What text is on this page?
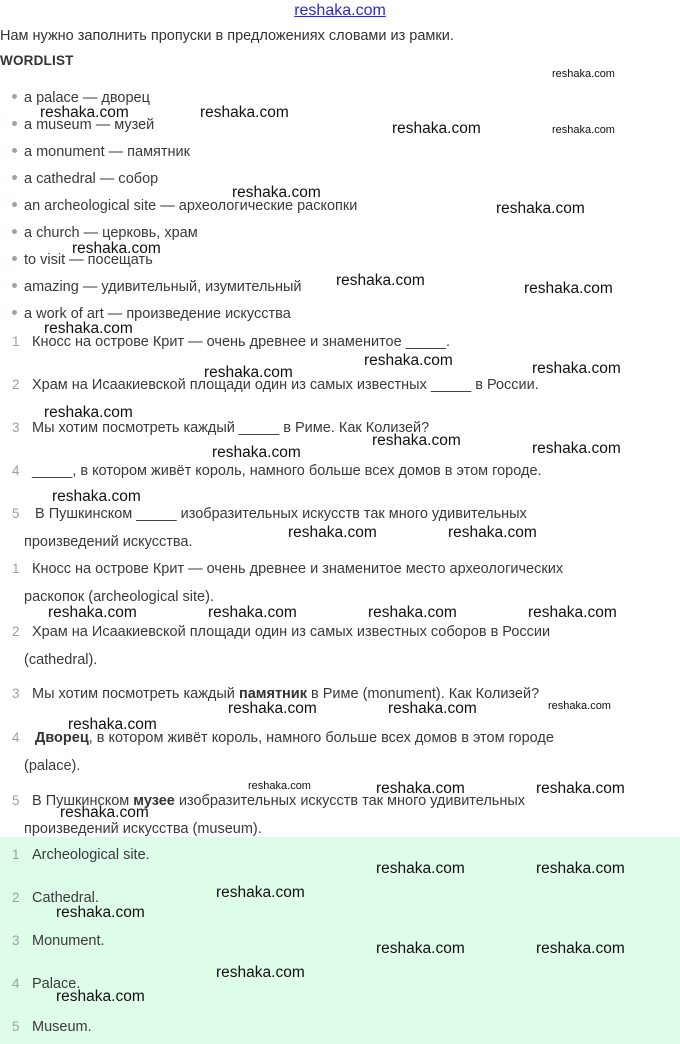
reshaka.com
Нам нужно заполнить пропуски в предложениях словами из рамки.
WORDLIST
a palace — дворец
a museum — музей
a monument — памятник
a cathedral — собор
an archeological site — археологические раскопки
a church — церковь, храм
to visit — посещать
amazing — удивительный, изумительный
a work of art — произведение искусства
1 Кносс на острове Крит — очень древнее и знаменитое _____.
2 Храм на Исаакиевской площади один из самых известных _____ в России.
3 Мы хотим посмотреть каждый _____ в Риме. Как Колизей?
4 _____, в котором живёт король, намного больше всех домов в этом городе.
5 В Пушкинском _____ изобразительных искусств так много удивительных
произведений искусства.
1 Кносс на острове Крит — очень древнее и знаменитое место археологических
раскопок (archeological site).
2 Храм на Исаакиевской площади один из самых известных соборов в России
(cathedral).
3 Мы хотим посмотреть каждый памятник в Риме (monument). Как Колизей?
4 Дворец, в котором живёт король, намного больше всех домов в этом городе
(palace).
5 В Пушкинском музее изобразительных искусств так много удивительных
произведений искусства (museum).
1 Archeological site.
2 Cathedral.
3 Monument.
4 Palace.
5 Museum.
reshaka.com
reshaka.com	reshaka.com
reshaka.com	reshaka.com
reshaka.com
reshaka.com
reshaka.com
reshaka.com	reshaka.com
reshaka.com
reshaka.com
reshaka.com	reshaka.com
reshaka.com
reshaka.com
reshaka.com	reshaka.com
reshaka.com
reshaka.com	reshaka.com
reshaka.com	reshaka.com	reshaka.com	reshaka.com
reshaka.com	reshaka.com	reshaka.com
reshaka.com
reshaka.com	reshaka.com	reshaka.com
reshaka.com
reshaka.com	reshaka.com
reshaka.com
reshaka.com
reshaka.com	reshaka.com
reshaka.com
reshaka.com
